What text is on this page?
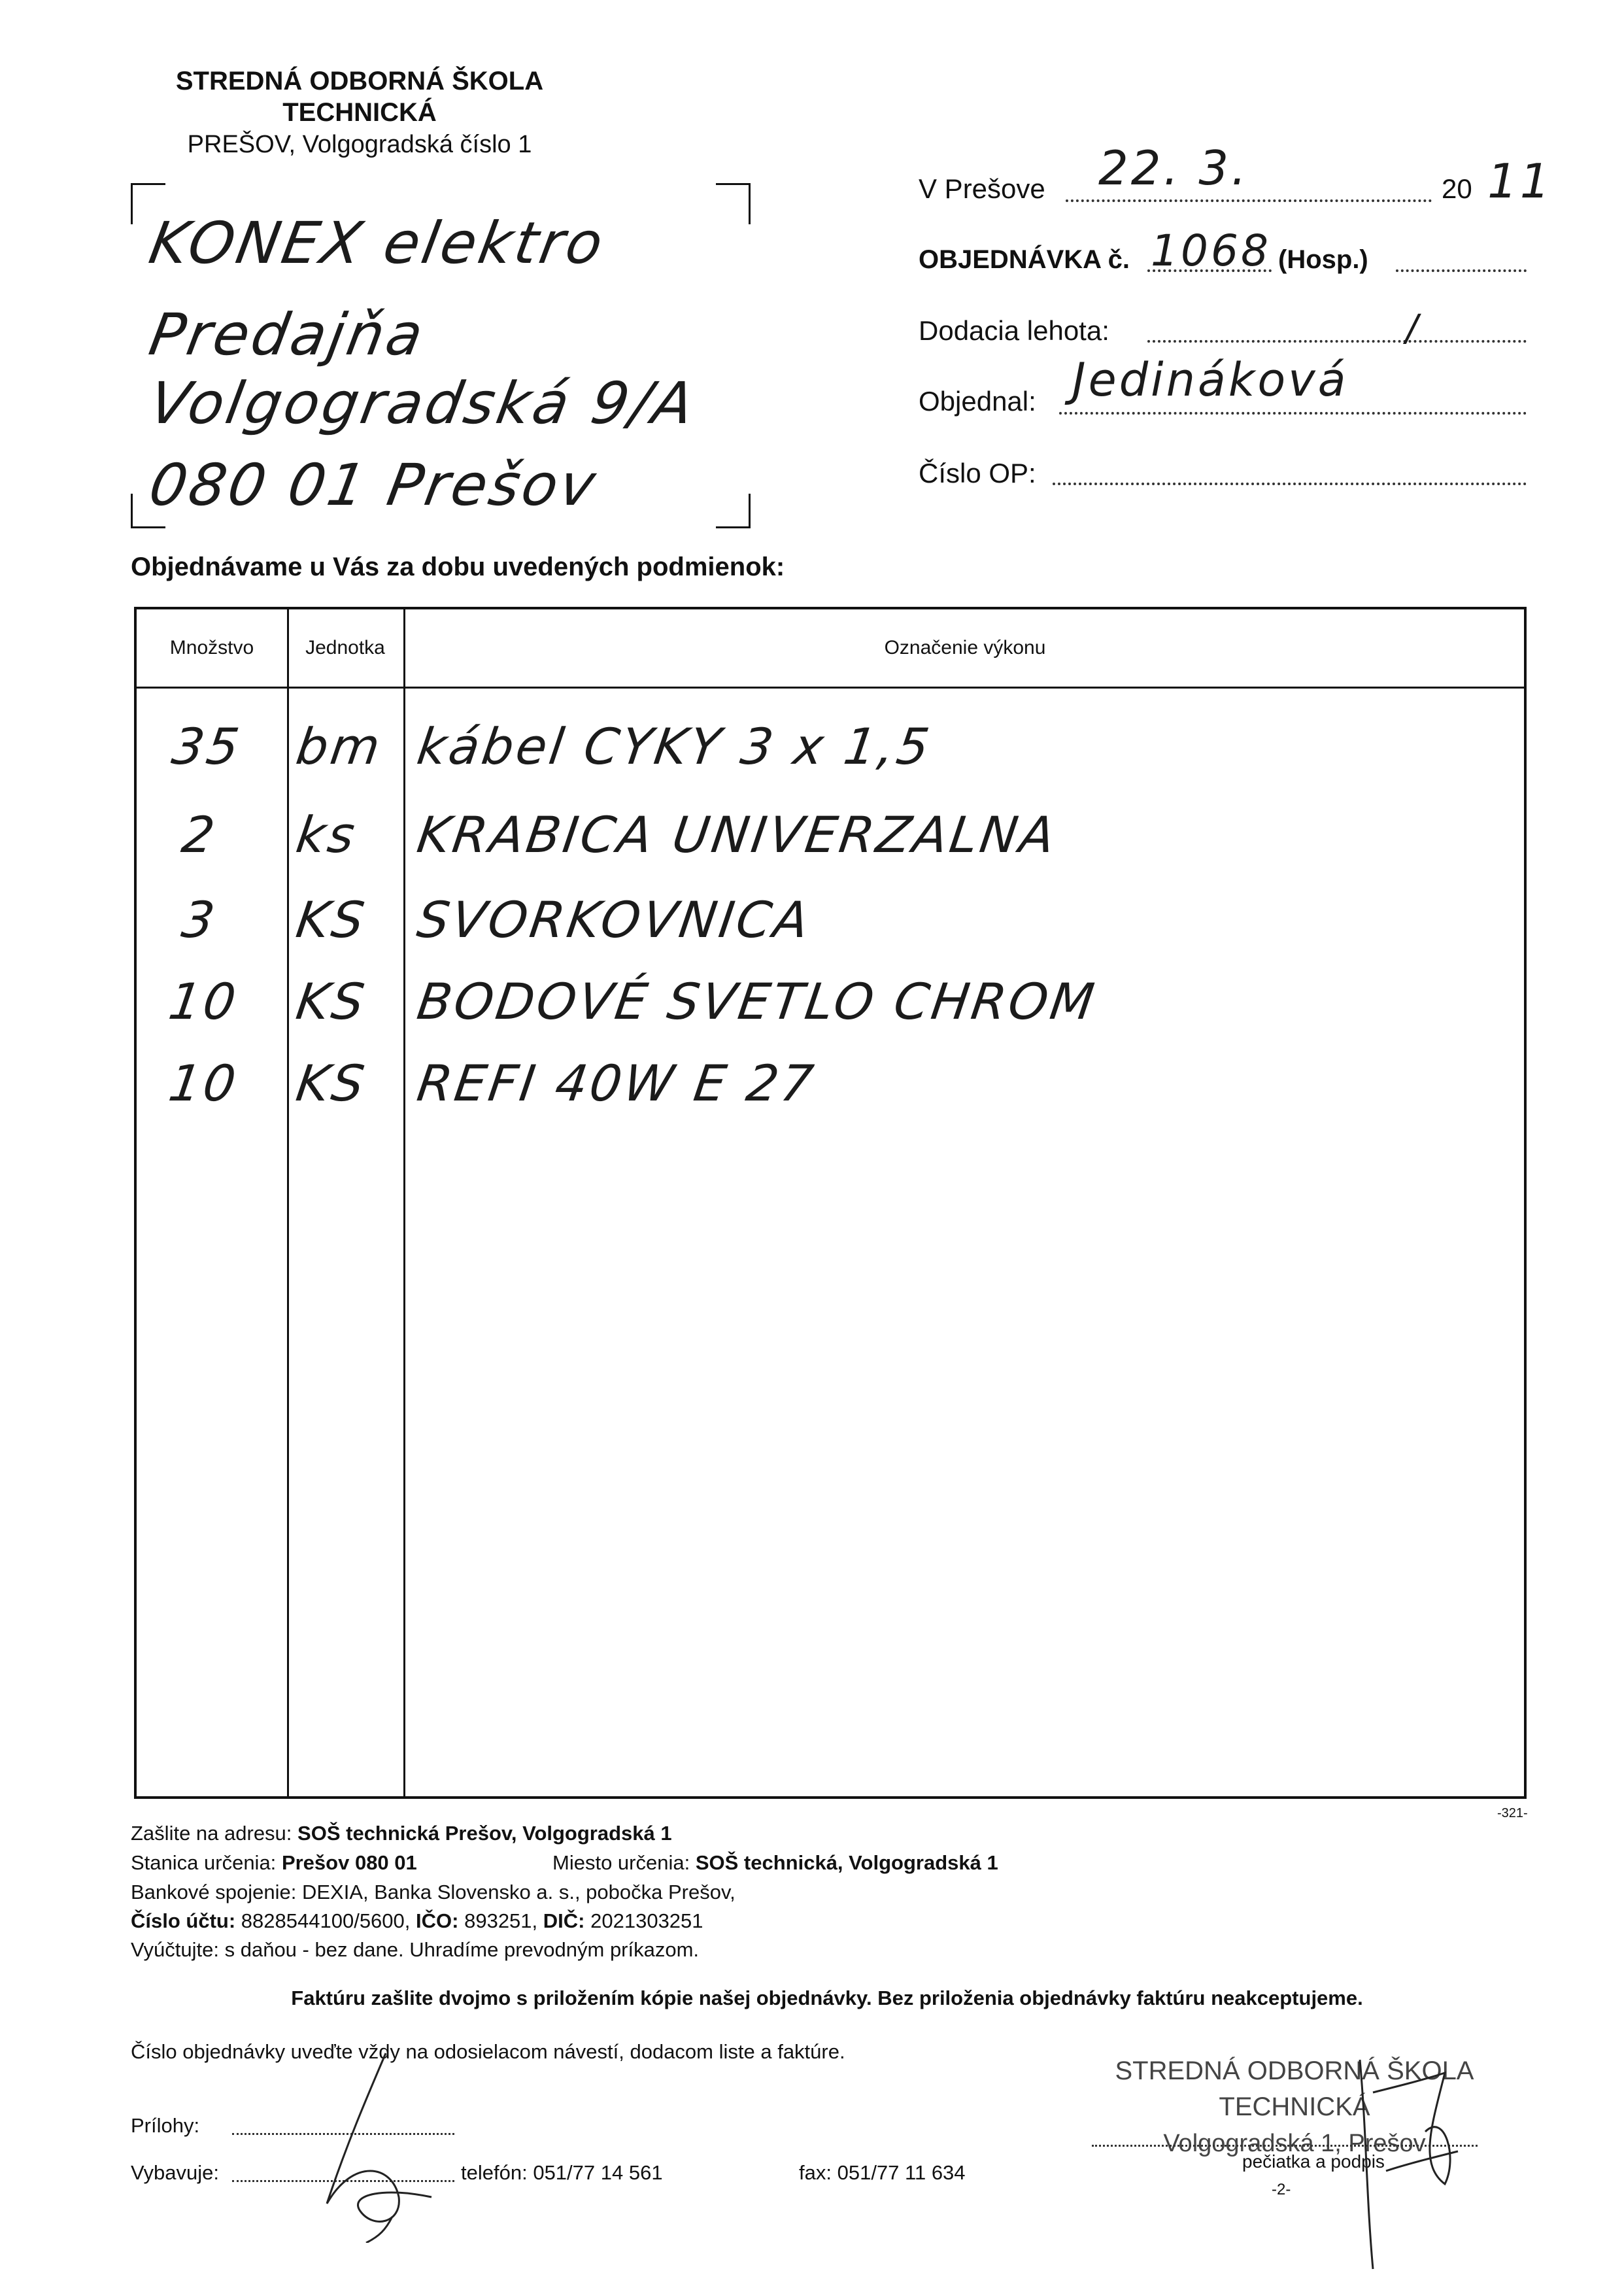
STREDNÁ ODBORNÁ ŠKOLA
TECHNICKÁ
PREŠOV, Volgogradská číslo 1
KONEX elektro
Predajňa
Volgogradská 9/A
080 01 Prešov
V Prešove 22. 3.	20 11
OBJEDNÁVKA č. 1068 (Hosp.)
Dodacia lehota:	/
Objednal: Jedináková
Číslo OP:
Objednávame u Vás za dobu uvedených podmienok:
Množstvo	Jednotka	Označenie výkonu
35 bm kábel CYKY 3 x 1,5
2 ks KRABICA UNIVERZALNA
3 KS SVORKOVNICA
10 KS BODOVÉ SVETLO CHROM
10 KS REFI 40W E 27
-321-
Zašlite na adresu: SOŠ technická Prešov, Volgogradská 1
Stanica určenia: Prešov 080 01	Miesto určenia: SOŠ technická, Volgogradská 1
Bankové spojenie: DEXIA, Banka Slovensko a. s., pobočka Prešov,
Číslo účtu: 8828544100/5600, IČO: 893251, DIČ: 2021303251
Vyúčtujte: s daňou - bez dane. Uhradíme prevodným príkazom.
Faktúru zašlite dvojmo s priložením kópie našej objednávky. Bez priloženia objednávky faktúru neakceptujeme.
Číslo objednávky uveďte vždy na odosielacom návestí, dodacom liste a faktúre.
Prílohy:
Vybavuje:	telefón: 051/77 14 561	fax: 051/77 11 634
STREDNÁ ODBORNÁ ŠKOLA
TECHNICKÁ
Volgogradská 1, Prešov
pečiatka a podpis
-2-
